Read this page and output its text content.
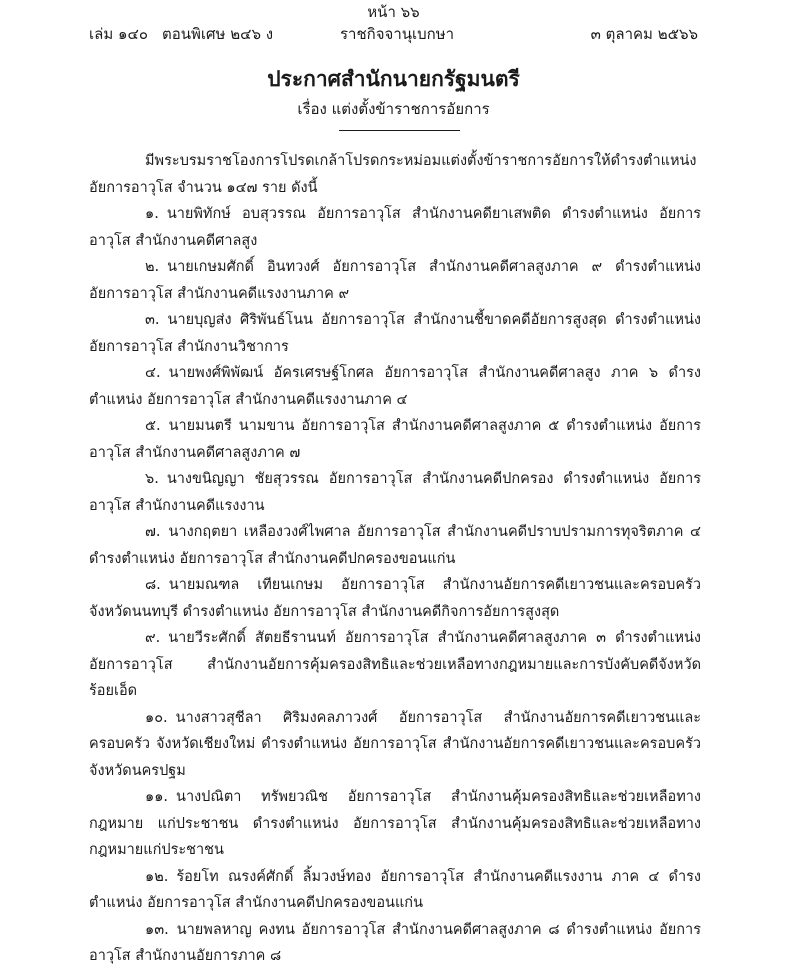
หน้า ๖๖
เล่ม ๑๔๐ ตอนพิเศษ ๒๔๖ ง	ราชกิจจานุเบกษา	๓ ตุลาคม ๒๕๖๖
ประกาศสำนักนายกรัฐมนตรี
เรื่อง แต่งตั้งข้าราชการอัยการ

มีพระบรมราชโองการโปรดเกล้าโปรดกระหม่อมแต่งตั้งข้าราชการอัยการให้ดำรงตำแหน่ง อัยการอาวุโส จำนวน ๑๔๗ ราย ดังนี้

๑. นายพิทักษ์ อบสุวรรณ อัยการอาวุโส สำนักงานคดียาเสพติด ดำรงตำแหน่ง อัยการอาวุโส สำนักงานคดีศาลสูง

๒. นายเกษมศักดิ์ อินทวงศ์ อัยการอาวุโส สำนักงานคดีศาลสูงภาค ๙ ดำรงตำแหน่ง อัยการอาวุโส สำนักงานคดีแรงงานภาค ๙

๓. นายบุญส่ง ศิริพันธ์โนน อัยการอาวุโส สำนักงานชี้ขาดคดีอัยการสูงสุด ดำรงตำแหน่ง อัยการอาวุโส สำนักงานวิชาการ

๔. นายพงศ์พิพัฒน์ อัครเศรษฐ์โกศล อัยการอาวุโส สำนักงานคดีศาลสูง ภาค ๖ ดำรงตำแหน่ง อัยการอาวุโส สำนักงานคดีแรงงานภาค ๔

๕. นายมนตรี นามขาน อัยการอาวุโส สำนักงานคดีศาลสูงภาค ๕ ดำรงตำแหน่ง อัยการอาวุโส สำนักงานคดีศาลสูงภาค ๗

๖. นางขนิญญา ชัยสุวรรณ อัยการอาวุโส สำนักงานคดีปกครอง ดำรงตำแหน่ง อัยการอาวุโส สำนักงานคดีแรงงาน

๗. นางกฤตยา เหลืองวงศ์ไพศาล อัยการอาวุโส สำนักงานคดีปราบปรามการทุจริตภาค ๔ ดำรงตำแหน่ง อัยการอาวุโส สำนักงานคดีปกครองขอนแก่น

๘. นายมณฑล เทียนเกษม อัยการอาวุโส สำนักงานอัยการคดีเยาวชนและครอบครัว จังหวัดนนทบุรี ดำรงตำแหน่ง อัยการอาวุโส สำนักงานคดีกิจการอัยการสูงสุด

๙. นายวีระศักดิ์ สัตยธีรานนท์ อัยการอาวุโส สำนักงานคดีศาลสูงภาค ๓ ดำรงตำแหน่ง อัยการอาวุโส สำนักงานอัยการคุ้มครองสิทธิและช่วยเหลือทางกฎหมายและการบังคับคดีจังหวัดร้อยเอ็ด

๑๐. นางสาวสุชีลา ศิริมงคลภาวงศ์ อัยการอาวุโส สำนักงานอัยการคดีเยาวชนและครอบครัว จังหวัดเชียงใหม่ ดำรงตำแหน่ง อัยการอาวุโส สำนักงานอัยการคดีเยาวชนและครอบครัวจังหวัดนครปฐม

๑๑. นางปณิตา ทรัพยวณิช อัยการอาวุโส สำนักงานคุ้มครองสิทธิและช่วยเหลือทางกฎหมาย แก่ประชาชน ดำรงตำแหน่ง อัยการอาวุโส สำนักงานคุ้มครองสิทธิและช่วยเหลือทางกฎหมายแก่ประชาชน

๑๒. ร้อยโท ณรงค์ศักดิ์ ลิ้มวงษ์ทอง อัยการอาวุโส สำนักงานคดีแรงงาน ภาค ๔ ดำรงตำแหน่ง อัยการอาวุโส สำนักงานคดีปกครองขอนแก่น

๑๓. นายพลหาญ คงทน อัยการอาวุโส สำนักงานคดีศาลสูงภาค ๘ ดำรงตำแหน่ง อัยการอาวุโส สำนักงานอัยการภาค ๘
